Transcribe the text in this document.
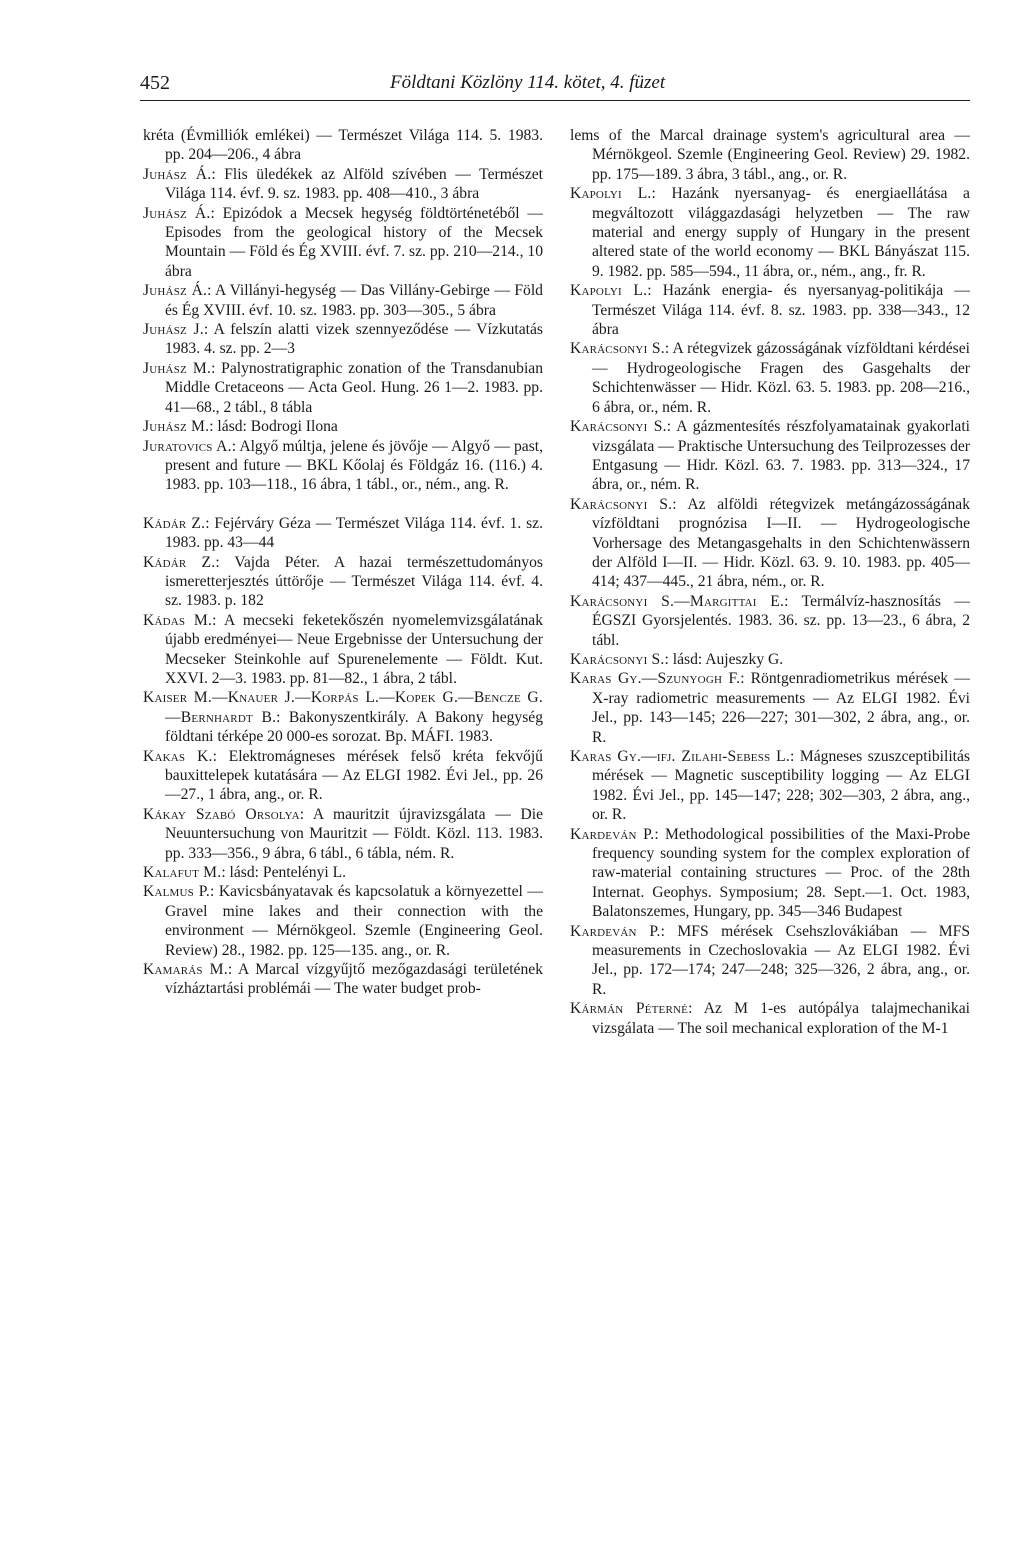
452	Földtani Közlöny 114. kötet, 4. füzet

kréta (Évmilliók emlékei) — Természet Világa 114. 5. 1983. pp. 204—206., 4 ábra

Juhász Á.: Flis üledékek az Alföld szívében — Természet Világa 114. évf. 9. sz. 1983. pp. 408—410., 3 ábra

Juhász Á.: Epizódok a Mecsek hegység földtörténetéből — Episodes from the geological history of the Mecsek Mountain — Föld és Ég XVIII. évf. 7. sz. pp. 210—214., 10 ábra

Juhász Á.: A Villányi-hegység — Das Villány-Gebirge — Föld és Ég XVIII. évf. 10. sz. 1983. pp. 303—305., 5 ábra

Juhász J.: A felszín alatti vizek szennyeződése — Vízkutatás 1983. 4. sz. pp. 2—3

Juhász M.: Palynostratigraphic zonation of the Transdanubian Middle Cretaceons — Acta Geol. Hung. 26 1—2. 1983. pp. 41—68., 2 tábl., 8 tábla

Juhász M.: lásd: Bodrogi Ilona

Juratovics A.: Algyő múltja, jelene és jövője — Algyő — past, present and future — BKL Kőolaj és Földgáz 16. (116.) 4. 1983. pp. 103—118., 16 ábra, 1 tábl., or., ném., ang. R.

Kádár Z.: Fejérváry Géza — Természet Világa 114. évf. 1. sz. 1983. pp. 43—44

Kádár Z.: Vajda Péter. A hazai természettudományos ismeretterjesztés úttörője — Természet Világa 114. évf. 4. sz. 1983. p. 182

Kádas M.: A mecseki feketekőszén nyomelemvizsgálatának újabb eredményei— Neue Ergebnisse der Untersuchung der Mecseker Steinkohle auf Spurenelemente — Földt. Kut. XXVI. 2—3. 1983. pp. 81—82., 1 ábra, 2 tábl.

Kaiser M.—Knauer J.—Korpás L.—Kopek G.—Bencze G.—Bernhardt B.: Bakonyszentkirály. A Bakony hegység földtani térképe 20 000-es sorozat. Bp. MÁFI. 1983.

Kakas K.: Elektromágneses mérések felső kréta fekvőjű bauxittelepek kutatására — Az ELGI 1982. Évi Jel., pp. 26—27., 1 ábra, ang., or. R.

Kákay Szabó Orsolya: A mauritzit újravizsgálata — Die Neuuntersuchung von Mauritzit — Földt. Közl. 113. 1983. pp. 333—356., 9 ábra, 6 tábl., 6 tábla, ném. R.

Kalafut M.: lásd: Pentelényi L.

Kalmus P.: Kavicsbányatavak és kapcsolatuk a környezettel — Gravel mine lakes and their connection with the environment — Mérnökgeol. Szemle (Engineering Geol. Review) 28., 1982. pp. 125—135. ang., or. R.

Kamarás M.: A Marcal vízgyűjtő mezőgazdasági területének vízháztartási problémái — The water budget prob-

lems of the Marcal drainage system's agricultural area — Mérnökgeol. Szemle (Engineering Geol. Review) 29. 1982. pp. 175—189. 3 ábra, 3 tábl., ang., or. R.

Kapolyi L.: Hazánk nyersanyag- és energiaellátása a megváltozott világgazdasági helyzetben — The raw material and energy supply of Hungary in the present altered state of the world economy — BKL Bányászat 115. 9. 1982. pp. 585—594., 11 ábra, or., ném., ang., fr. R.

Kapolyi L.: Hazánk energia- és nyersanyag-politikája — Természet Világa 114. évf. 8. sz. 1983. pp. 338—343., 12 ábra

Karácsonyi S.: A rétegvizek gázosságának vízföldtani kérdései — Hydrogeologische Fragen des Gasgehalts der Schichtenwässer — Hidr. Közl. 63. 5. 1983. pp. 208—216., 6 ábra, or., ném. R.

Karácsonyi S.: A gázmentesítés részfolyamatainak gyakorlati vizsgálata — Praktische Untersuchung des Teilprozesses der Entgasung — Hidr. Közl. 63. 7. 1983. pp. 313—324., 17 ábra, or., ném. R.

Karácsonyi S.: Az alföldi rétegvizek metángázosságának vízföldtani prognózisa I—II. — Hydrogeologische Vorhersage des Metangasgehalts in den Schichtenwässern der Alföld I—II. — Hidr. Közl. 63. 9. 10. 1983. pp. 405—414; 437—445., 21 ábra, ném., or. R.

Karácsonyi S.—Margittai E.: Termálvíz-hasznosítás — ÉGSZI Gyorsjelentés. 1983. 36. sz. pp. 13—23., 6 ábra, 2 tábl.

Karácsonyi S.: lásd: Aujeszky G.

Karas Gy.—Szunyogh F.: Röntgenradiometrikus mérések — X-ray radiometric measurements — Az ELGI 1982. Évi Jel., pp. 143—145; 226—227; 301—302, 2 ábra, ang., or. R.

Karas Gy.—ifj. Zilahi-Sebess L.: Mágneses szuszceptibilitás mérések — Magnetic susceptibility logging — Az ELGI 1982. Évi Jel., pp. 145—147; 228; 302—303, 2 ábra, ang., or. R.

Kardeván P.: Methodological possibilities of the Maxi-Probe frequency sounding system for the complex exploration of raw-material containing structures — Proc. of the 28th Internat. Geophys. Symposium; 28. Sept.—1. Oct. 1983, Balatonszemes, Hungary, pp. 345—346 Budapest

Kardeván P.: MFS mérések Csehszlovákiában — MFS measurements in Czechoslovakia — Az ELGI 1982. Évi Jel., pp. 172—174; 247—248; 325—326, 2 ábra, ang., or. R.

Kármán Péterné: Az M 1-es autópálya talajmechanikai vizsgálata — The soil mechanical exploration of the M-1
